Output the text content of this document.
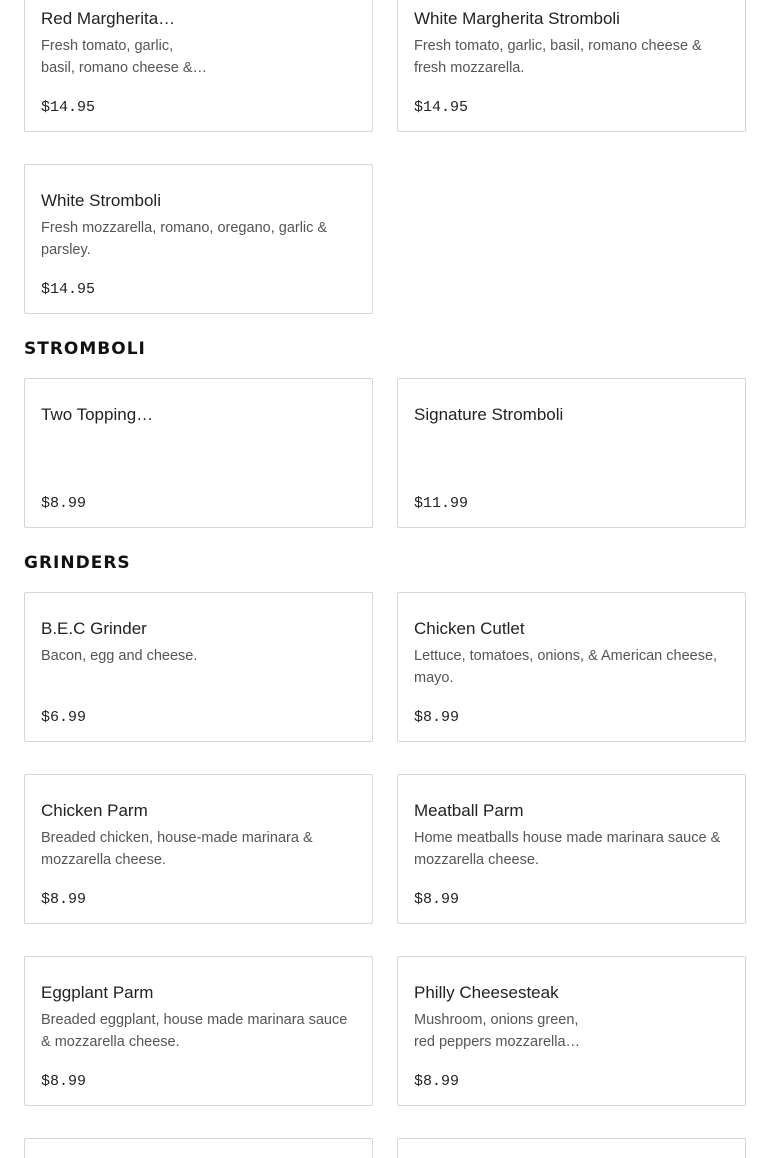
Red Margherita…
Fresh tomato, garlic, basil, romano cheese &…
$14.95
White Margherita Stromboli
Fresh tomato, garlic, basil, romano cheese & fresh mozzarella.
$14.95
White Stromboli
Fresh mozzarella, romano, oregano, garlic & parsley.
$14.95
STROMBOLI
Two Topping…
$8.99
Signature Stromboli
$11.99
GRINDERS
B.E.C Grinder
Bacon, egg and cheese.
$6.99
Chicken Cutlet
Lettuce, tomatoes, onions, & American cheese, mayo.
$8.99
Chicken Parm
Breaded chicken, house-made marinara & mozzarella cheese.
$8.99
Meatball Parm
Home meatballs house made marinara sauce & mozzarella cheese.
$8.99
Eggplant Parm
Breaded eggplant, house made marinara sauce & mozzarella cheese.
$8.99
Philly Cheesesteak
Mushroom, onions green, red peppers mozzarella…
$8.99
